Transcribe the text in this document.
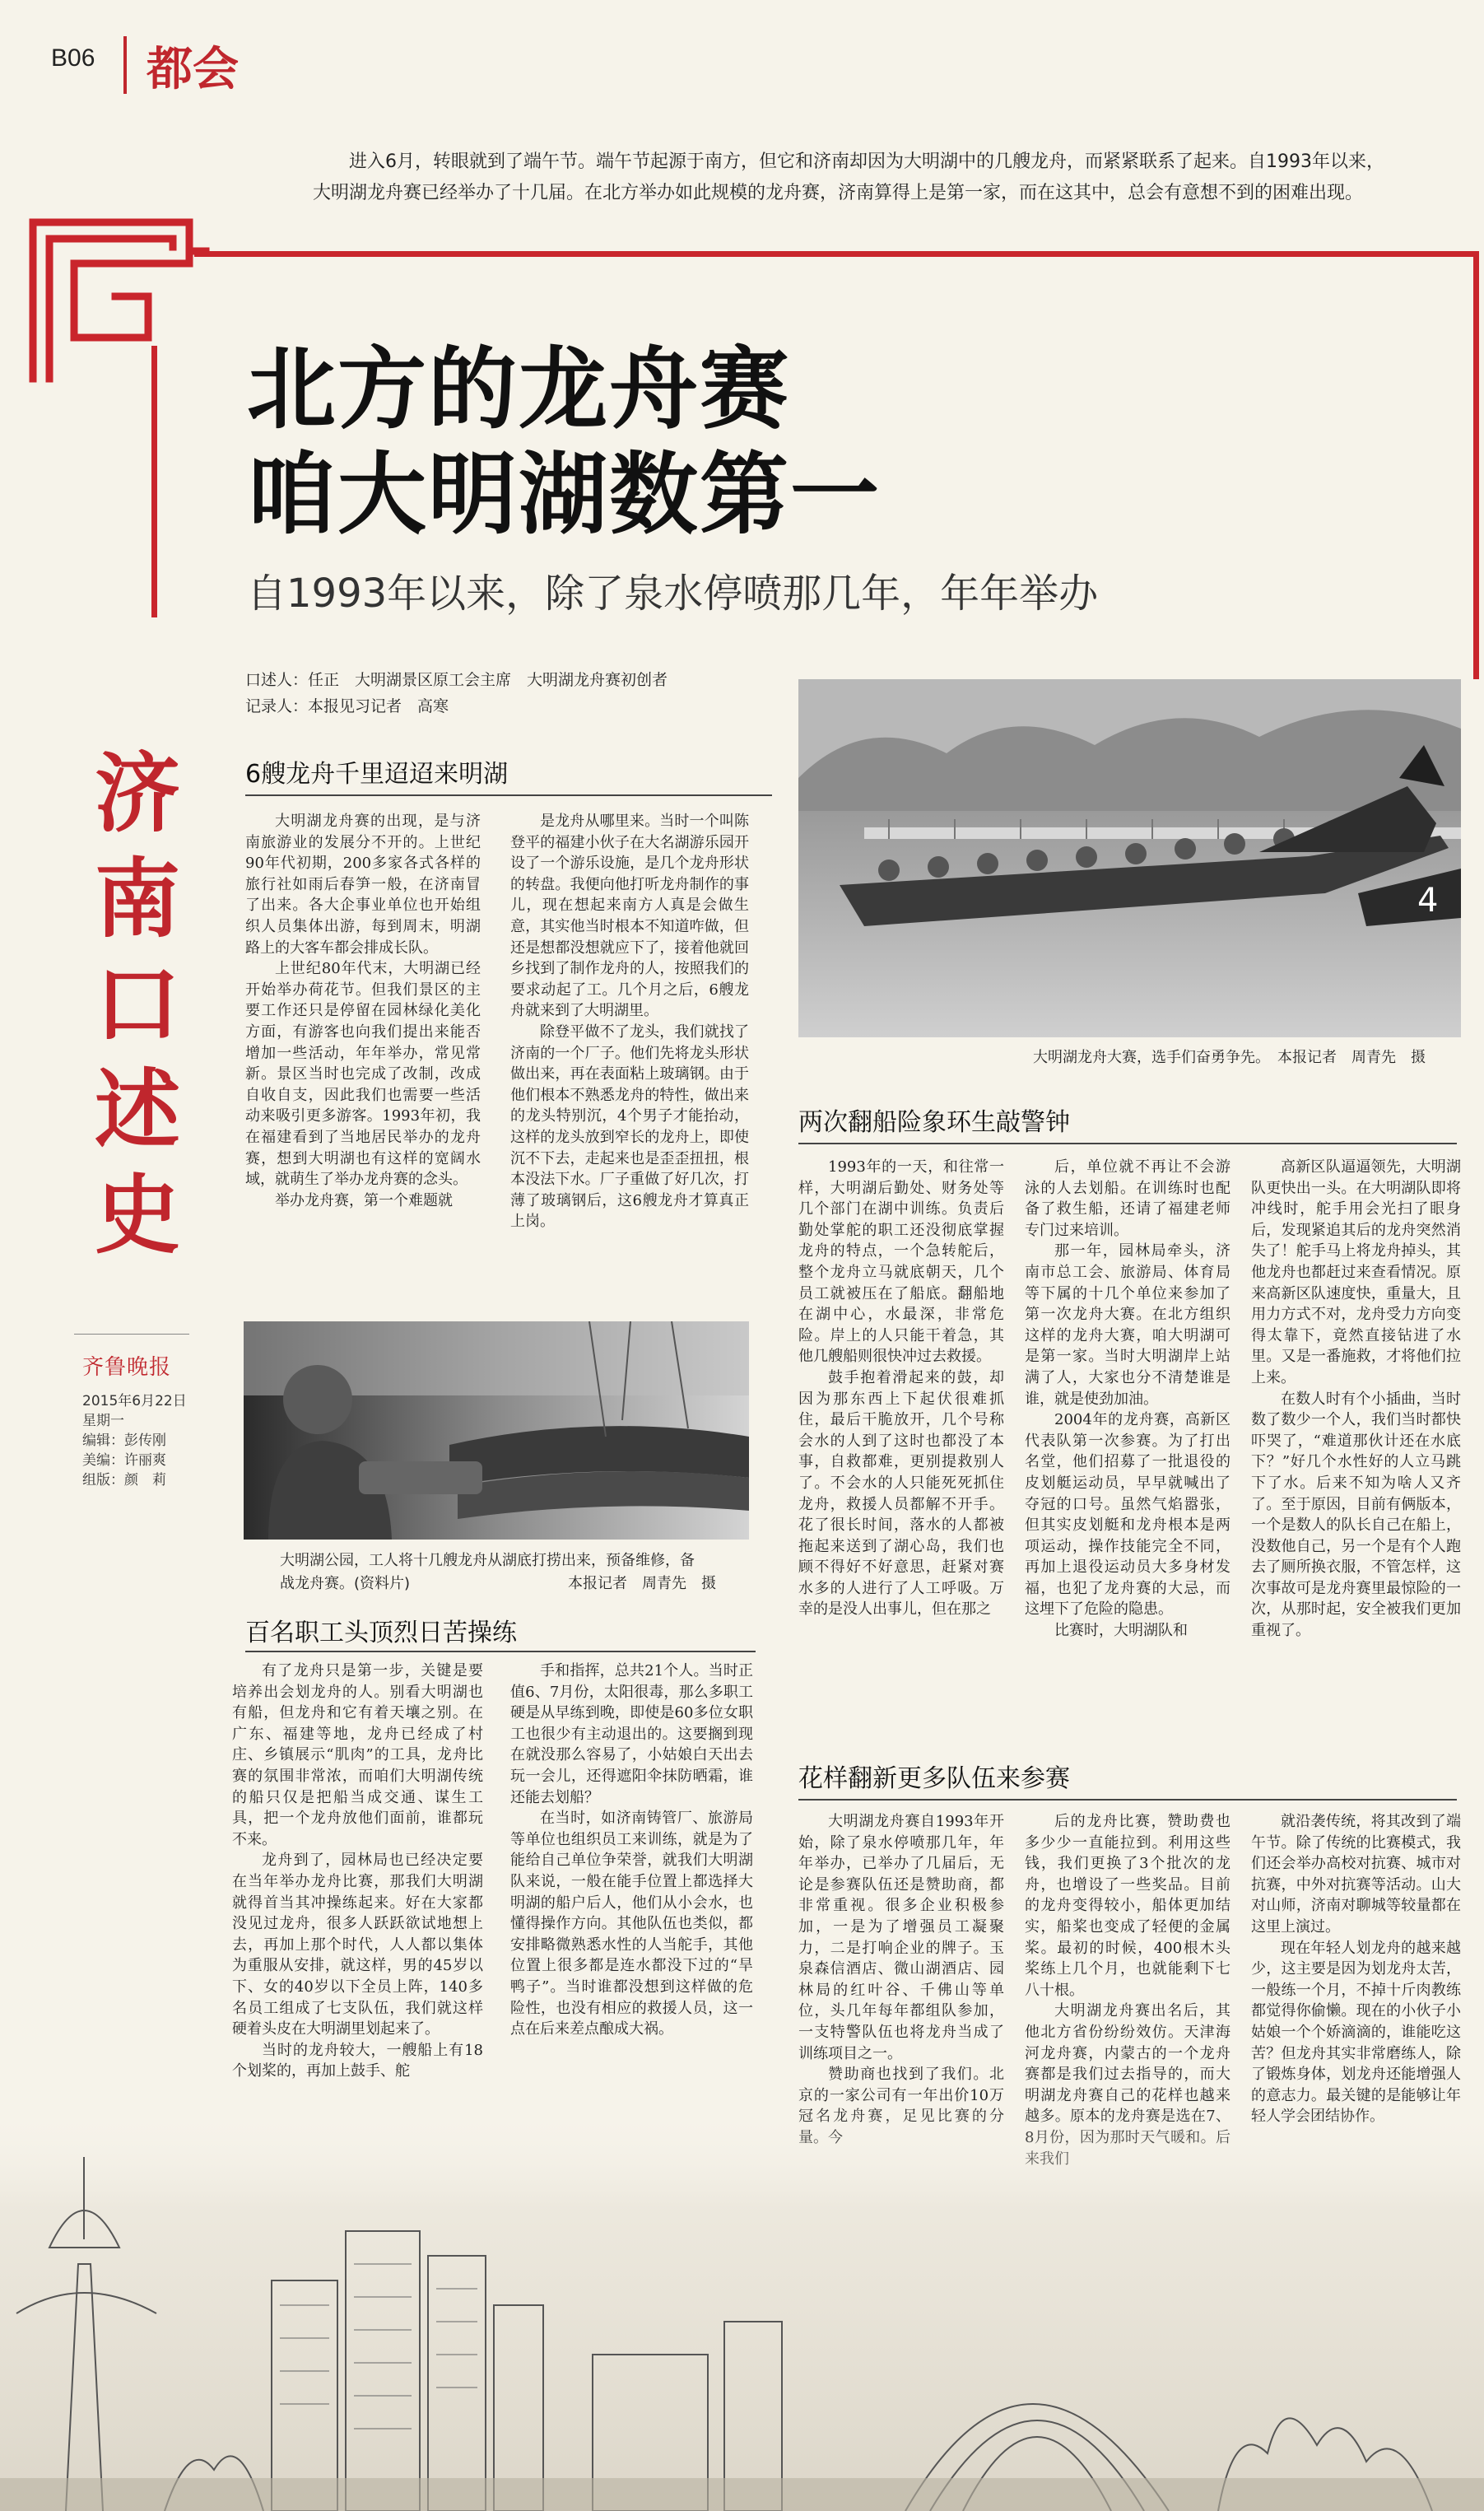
B06 都会
进入6月，转眼就到了端午节。端午节起源于南方，但它和济南却因为大明湖中的几艘龙舟，而紧紧联系了起来。自1993年以来，大明湖龙舟赛已经举办了十几届。在北方举办如此规模的龙舟赛，济南算得上是第一家，而在这其中，总会有意想不到的困难出现。
北方的龙舟赛
咱大明湖数第一
自1993年以来，除了泉水停喷那几年，年年举办
口述人：任正　大明湖景区原工会主席　大明湖龙舟赛初创者
记录人：本报见习记者　高寒
济
南
口
述
史
齐鲁晚报
2015年6月22日
星期一
编辑：彭传刚
美编：许丽爽
组版：颜　莉
6艘龙舟千里迢迢来明湖

大明湖龙舟赛的出现，是与济南旅游业的发展分不开的。上世纪90年代初期，200多家各式各样的旅行社如雨后春笋一般，在济南冒了出来。各大企事业单位也开始组织人员集体出游，每到周末，明湖路上的大客车都会排成长队。

上世纪80年代末，大明湖已经开始举办荷花节。但我们景区的主要工作还只是停留在园林绿化美化方面，有游客也向我们提出来能否增加一些活动，年年举办，常见常新。景区当时也完成了改制，改成自收自支，因此我们也需要一些活动来吸引更多游客。1993年初，我在福建看到了当地居民举办的龙舟赛，想到大明湖也有这样的宽阔水域，就萌生了举办龙舟赛的念头。

举办龙舟赛，第一个难题就

是龙舟从哪里来。当时一个叫陈登平的福建小伙子在大名湖游乐园开设了一个游乐设施，是几个龙舟形状的转盘。我便向他打听龙舟制作的事儿，现在想起来南方人真是会做生意，其实他当时根本不知道咋做，但还是想都没想就应下了，接着他就回乡找到了制作龙舟的人，按照我们的要求动起了工。几个月之后，6艘龙舟就来到了大明湖里。

除登平做不了龙头，我们就找了济南的一个厂子。他们先将龙头形状做出来，再在表面粘上玻璃钢。由于他们根本不熟悉龙舟的特性，做出来的龙头特别沉，4个男子才能抬动，这样的龙头放到窄长的龙舟上，即使沉不下去，走起来也是歪歪扭扭，根本没法下水。厂子重做了好几次，打薄了玻璃钢后，这6艘龙舟才算真正上岗。

大明湖公园，工人将十几艘龙舟从湖底打捞出来，预备维修，备
战龙舟赛。(资料片)	本报记者　周青先　摄
百名职工头顶烈日苦操练

有了龙舟只是第一步，关键是要培养出会划龙舟的人。别看大明湖也有船，但龙舟和它有着天壤之别。在广东、福建等地，龙舟已经成了村庄、乡镇展示“肌肉”的工具，龙舟比赛的氛围非常浓，而咱们大明湖传统的船只仅是把船当成交通、谋生工具，把一个龙舟放他们面前，谁都玩不来。

龙舟到了，园林局也已经决定要在当年举办龙舟比赛，那我们大明湖就得首当其冲操练起来。好在大家都没见过龙舟，很多人跃跃欲试地想上去，再加上那个时代，人人都以集体为重服从安排，就这样，男的45岁以下、女的40岁以下全员上阵，140多名员工组成了七支队伍，我们就这样硬着头皮在大明湖里划起来了。

当时的龙舟较大，一艘船上有18个划桨的，再加上鼓手、舵

手和指挥，总共21个人。当时正值6、7月份，太阳很毒，那么多职工硬是从早练到晚，即使是60多位女职工也很少有主动退出的。这要搁到现在就没那么容易了，小姑娘白天出去玩一会儿，还得遮阳伞抹防晒霜，谁还能去划船？

在当时，如济南铸管厂、旅游局等单位也组织员工来训练，就是为了能给自己单位争荣誉，就我们大明湖队来说，一般在能手位置上都选择大明湖的船户后人，他们从小会水，也懂得操作方向。其他队伍也类似，都安排略微熟悉水性的人当舵手，其他位置上很多都是连水都没下过的“旱鸭子”。当时谁都没想到这样做的危险性，也没有相应的救援人员，这一点在后来差点酿成大祸。

4
大明湖龙舟大赛，选手们奋勇争先。　本报记者　周青先　摄
两次翻船险象环生敲警钟

1993年的一天，和往常一样，大明湖后勤处、财务处等几个部门在湖中训练。负责后勤处掌舵的职工还没彻底掌握龙舟的特点，一个急转舵后，整个龙舟立马就底朝天，几个员工就被压在了船底。翻船地在湖中心，水最深，非常危险。岸上的人只能干着急，其他几艘船则很快冲过去救援。

鼓手抱着滑起来的鼓，却因为那东西上下起伏很难抓住，最后干脆放开，几个号称会水的人到了这时也都没了本事，自救都难，更别提救别人了。不会水的人只能死死抓住龙舟，救援人员都解不开手。花了很长时间，落水的人都被拖起来送到了湖心岛，我们也顾不得好不好意思，赶紧对赛水多的人进行了人工呼吸。万幸的是没人出事儿，但在那之

后，单位就不再让不会游泳的人去划船。在训练时也配备了救生船，还请了福建老师专门过来培训。

那一年，园林局牵头，济南市总工会、旅游局、体育局等下属的十几个单位来参加了第一次龙舟大赛。在北方组织这样的龙舟大赛，咱大明湖可是第一家。当时大明湖岸上站满了人，大家也分不清楚谁是谁，就是使劲加油。

2004年的龙舟赛，高新区代表队第一次参赛。为了打出名堂，他们招募了一批退役的皮划艇运动员，早早就喊出了夺冠的口号。虽然气焰嚣张，但其实皮划艇和龙舟根本是两项运动，操作技能完全不同，再加上退役运动员大多身材发福，也犯了龙舟赛的大忌，而这埋下了危险的隐患。

比赛时，大明湖队和

高新区队逼逼领先，大明湖队更快出一头。在大明湖队即将冲线时，舵手用会光扫了眼身后，发现紧追其后的龙舟突然消失了！舵手马上将龙舟掉头，其他龙舟也都赶过来查看情况。原来高新区队速度快，重量大，且用力方式不对，龙舟受力方向变得太靠下，竟然直接钻进了水里。又是一番施救，才将他们拉上来。

在数人时有个小插曲，当时数了数少一个人，我们当时都快吓哭了，“难道那伙计还在水底下？”好几个水性好的人立马跳下了水。后来不知为啥人又齐了。至于原因，目前有俩版本，一个是数人的队长自己在船上，没数他自己，另一个是有个人跑去了厕所换衣服，不管怎样，这次事故可是龙舟赛里最惊险的一次，从那时起，安全被我们更加重视了。

花样翻新更多队伍来参赛

大明湖龙舟赛自1993年开始，除了泉水停喷那几年，年年举办，已举办了几届后，无论是参赛队伍还是赞助商，都非常重视。很多企业积极参加，一是为了增强员工凝聚力，二是打响企业的牌子。玉泉森信酒店、微山湖酒店、园林局的红叶谷、千佛山等单位，头几年每年都组队参加，一支特警队伍也将龙舟当成了训练项目之一。

赞助商也找到了我们。北京的一家公司有一年出价10万

后的龙舟比赛，赞助费也多少少一直能拉到。利用这些钱，我们更换了3个批次的龙舟，也增设了一些奖品。目前的龙舟变得较小，船体更加结实，船桨也变成了轻便的金属桨。最初的时候，400根木头桨练上几个月，也就能剩下七八十根。

大明湖龙舟赛出名后，其他北方省份纷纷效仿。天津海河龙舟赛，内蒙古的一个龙舟赛都是我们过去指导的，而大明湖龙舟赛自己的花样也越来

就沿袭传统，将其改到了端午节。除了传统的比赛模式，我们还会举办高校对抗赛、城市对抗赛，中外对抗赛等活动。山大对山师，济南对聊城等较量都在这里上演过。

现在年轻人划龙舟的越来越少，这主要是因为划龙舟太苦，一般练一个月，不掉十斤肉教练都觉得你偷懒。现在的小伙子小姑娘一个个娇滴滴的，谁能吃这苦？但龙舟其实非常磨练人，除了锻炼身体，划龙舟还能增强人的意志力。最关键的是能够让年
